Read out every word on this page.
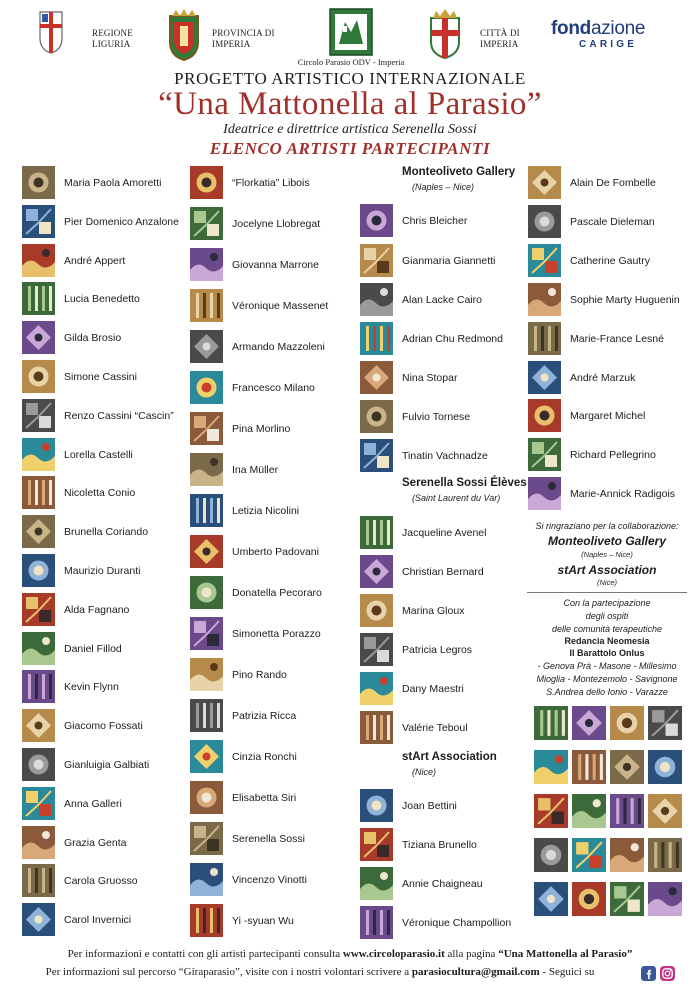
REGIONE
LIGURIA
PROVINCIA DI
IMPERIA
Circolo Parasio ODV - Imperia
CITTÀ DI
IMPERIA
fondazione
CARIGE
PROGETTO ARTISTICO INTERNAZIONALE
“Una Mattonella al Parasio”
Ideatrice e direttrice artistica Serenella Sossi
ELENCO ARTISTI PARTECIPANTI
Maria Paola Amoretti
Pier Domenico Anzalone
André Appert
Lucia Benedetto
Gilda Brosio
Simone Cassini
Renzo Cassini “Cascin”
Lorella Castelli
Nicoletta Conio
Brunella Coriando
Maurizio Duranti
Alda Fagnano
Daniel Fillod
Kevin Flynn
Giacomo Fossati
Gianluigia Galbiati
Anna Galleri
Grazia Genta
Carola Gruosso
Carol Invernici
“Florkatia” Libois
Jocelyne Llobregat
Giovanna Marrone
Véronique Massenet
Armando Mazzoleni
Francesco Milano
Pina Morlino
Ina Müller
Letizia Nicolini
Umberto Padovani
Donatella Pecoraro
Simonetta Porazzo
Pino Rando
Patrizia Ricca
Cinzia Ronchi
Elisabetta Siri
Serenella Sossi
Vincenzo Vinotti
Yi -syuan Wu
Monteoliveto Gallery
(Naples – Nice)
Chris Bleicher
Gianmaria Giannetti
Alan Lacke Cairo
Adrian Chu Redmond
Nina Stopar
Fulvio Tornese
Tinatin Vachnadze
Serenella Sossi Élèves
(Saint Laurent du Var)
Jacqueline Avenel
Christian Bernard
Marina Gloux
Patricia Legros
Dany Maestri
Valérie Teboul
stArt Association
(Nice)
Joan Bettini
Tiziana Brunello
Annie Chaigneau
Véronique Champollion
Alain De Fombelle
Pascale Dieleman
Catherine Gautry
Sophie Marty Huguenin
Marie-France Lesné
André Marzuk
Margaret Michel
Richard Pellegrino
Marie-Annick Radigois
Si ringraziano per la collaborazione:
Monteoliveto Gallery
(Naples – Nice)
stArt Association
(Nice)
Con la partecipazione
degli ospiti
delle comunità terapeutiche
Redancia Neomesia
Il Barattolo Onlus
- Genova Prà - Masone - Millesimo
Mioglia - Montezemolo - Savignone
S.Andrea dello Ionio - Varazze
Per informazioni e contatti con gli artisti partecipanti consulta www.circoloparasio.it alla pagina “Una Mattonella al Parasio”
Per informazioni sul percorso “Giraparasio”, visite con i nostri volontari scrivere a parasiocultura@gmail.com - Seguici su
